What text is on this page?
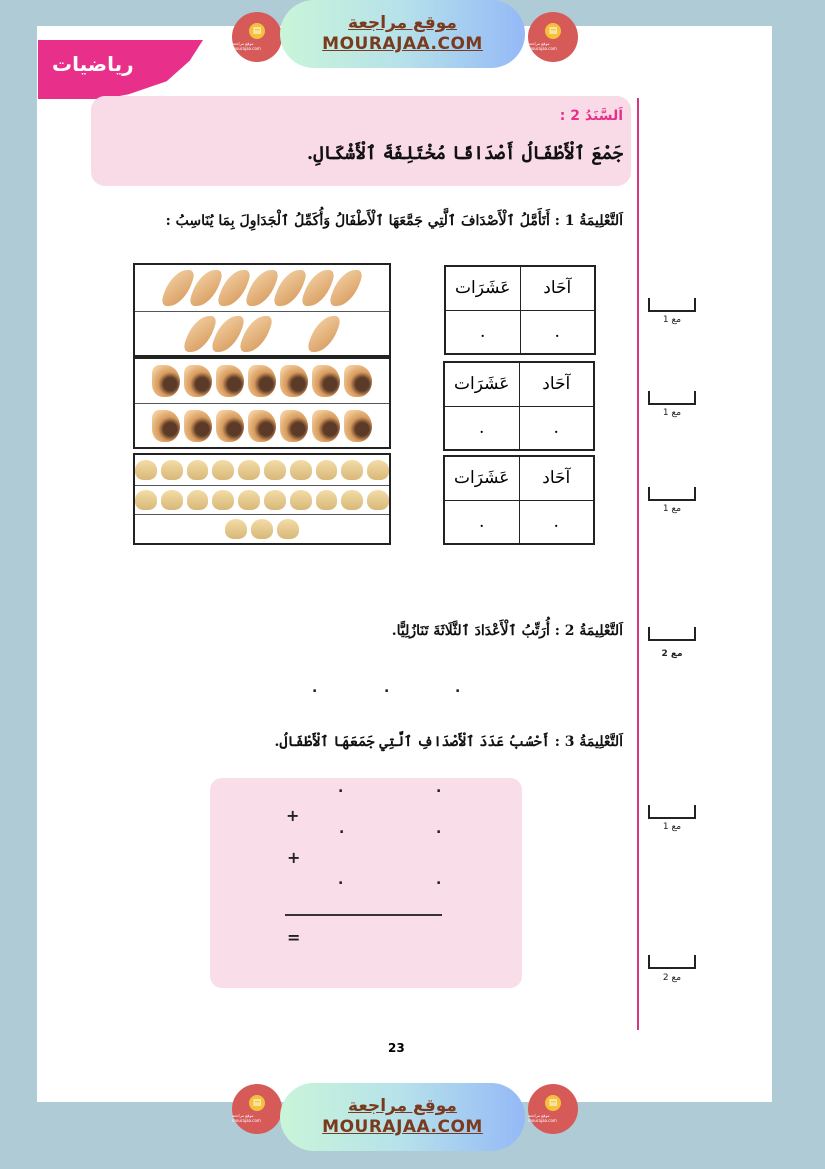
▤
موقع مراجعة mourajaa.com
موقع مراجعة
MOURAJAA.COM
▤
موقع مراجعة mourajaa.com
رياضيات
اَلسَّنَدُ 2 :
جَمْعَ ٱلْأَطْفَالُ أَصْدَافًا مُخْتَلِفَةَ ٱلْأَشْكَالِ.
اَلتَّعْلِيمَةُ 1 : أَتَأَمَّلُ ٱلْأَصْدَافَ ٱلَّتِي جَمَّعَهَا ٱلْأَطْفَالُ وَأُكَمِّلُ ٱلْجَدَاوِلَ بِمَا يُنَاسِبُ :
عَشَرَات	آحَاد
.	.
عَشَرَات	آحَاد
.	.
عَشَرَات	آحَاد
.	.
مع 1
مع 1
مع 1
مع 2
مع 1
مع 2
اَلتَّعْلِيمَةُ 2 : أُرَتِّبُ ٱلْأَعْدَادَ ٱلثَّلَاثَةَ تَنَازُلِيًّا.
.	.	.
اَلتَّعْلِيمَةُ 3 : أَحْسُبُ عَدَدَ ٱلْأَصْدَافِ ٱلَّتِي جَمَعَهَا ٱلْأَطْفَالُ.
.	.
+
.	.
+
.	.
=
23
▤
موقع مراجعة mourajaa.com
موقع مراجعة
MOURAJAA.COM
▤
موقع مراجعة mourajaa.com
